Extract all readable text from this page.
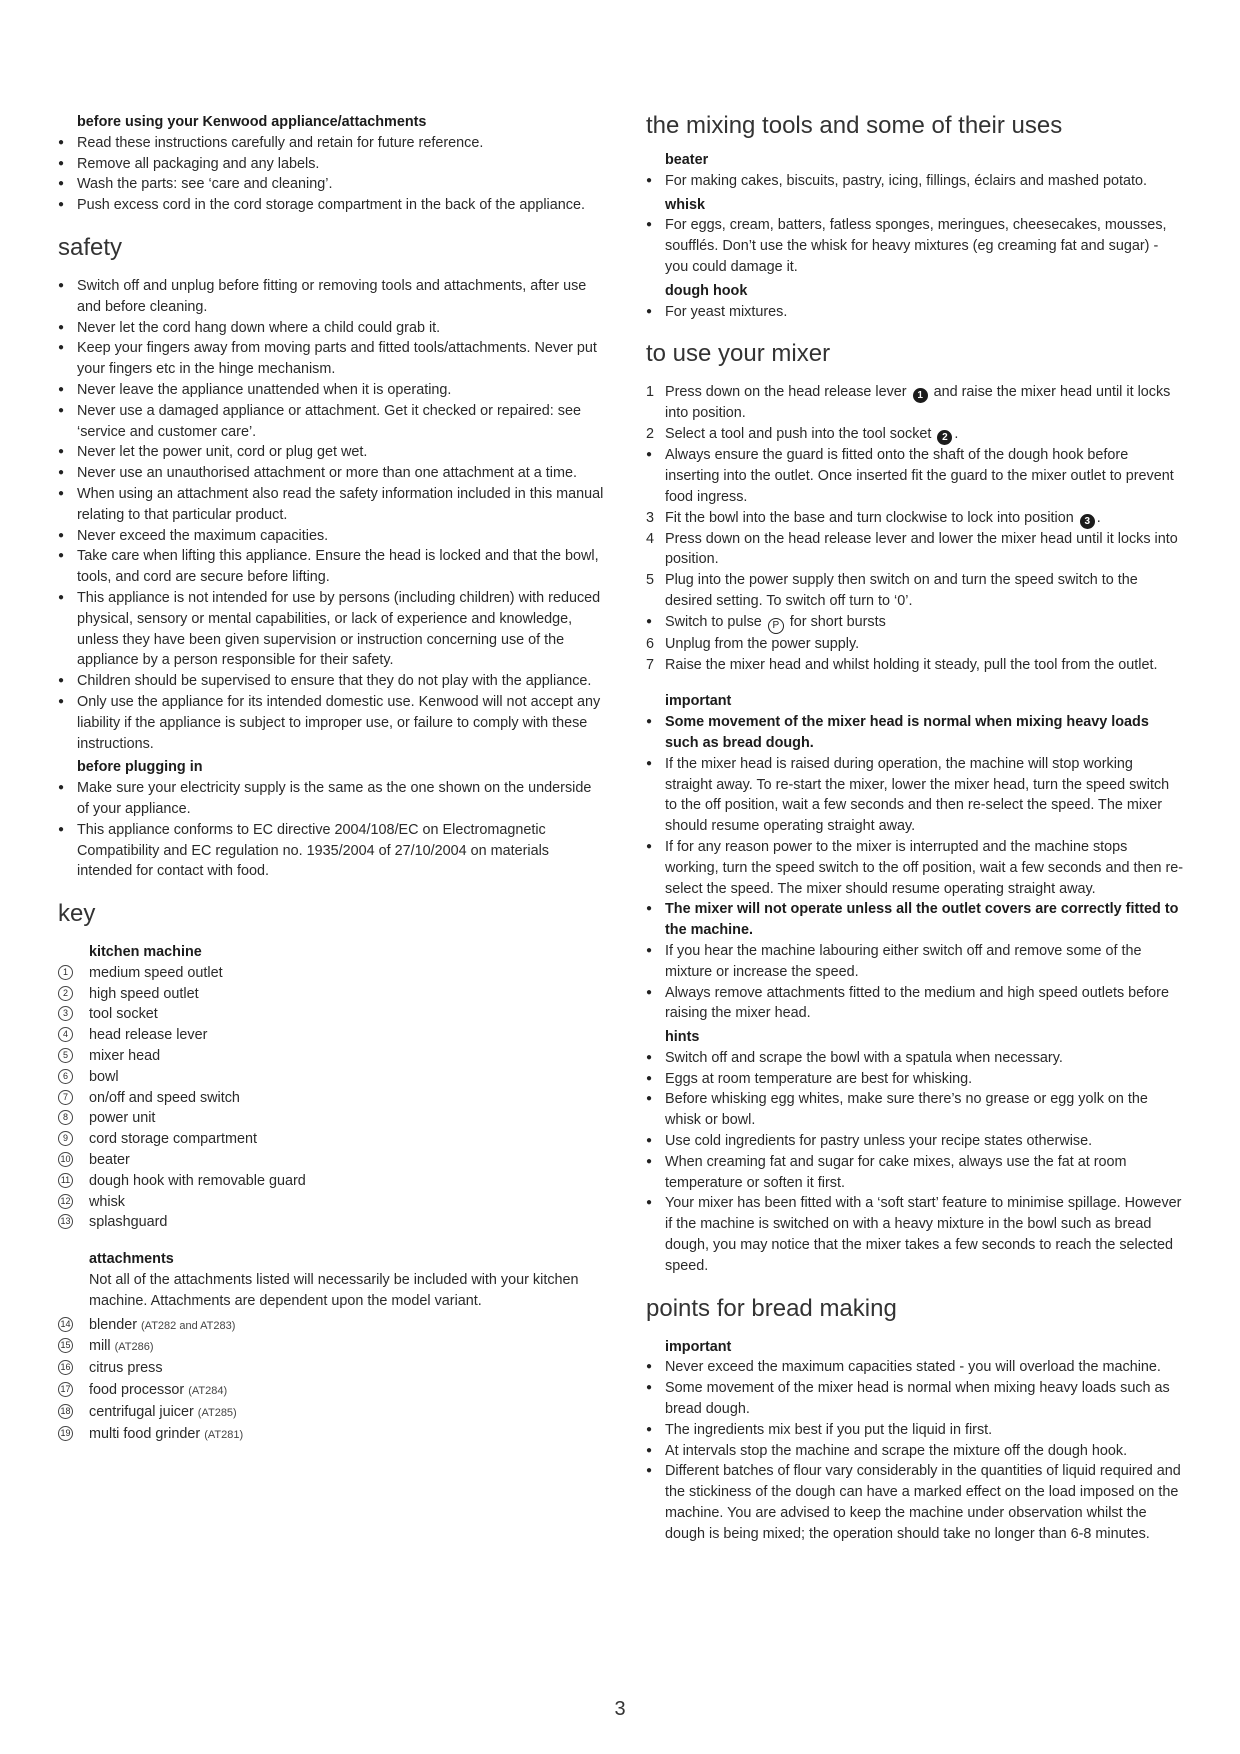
before using your Kenwood appliance/attachments
● Read these instructions carefully and retain for future reference.
● Remove all packaging and any labels.
● Wash the parts: see ‘care and cleaning’.
● Push excess cord in the cord storage compartment in the back of the appliance.
safety
● Switch off and unplug before fitting or removing tools and attachments, after use and before cleaning.
● Never let the cord hang down where a child could grab it.
● Keep your fingers away from moving parts and fitted tools/attachments. Never put your fingers etc in the hinge mechanism.
● Never leave the appliance unattended when it is operating.
● Never use a damaged appliance or attachment. Get it checked or repaired: see ‘service and customer care’.
● Never let the power unit, cord or plug get wet.
● Never use an unauthorised attachment or more than one attachment at a time.
● When using an attachment also read the safety information included in this manual relating to that particular product.
● Never exceed the maximum capacities.
● Take care when lifting this appliance. Ensure the head is locked and that the bowl, tools, and cord are secure before lifting.
● This appliance is not intended for use by persons (including children) with reduced physical, sensory or mental capabilities, or lack of experience and knowledge, unless they have been given supervision or instruction concerning use of the appliance by a person responsible for their safety.
● Children should be supervised to ensure that they do not play with the appliance.
● Only use the appliance for its intended domestic use. Kenwood will not accept any liability if the appliance is subject to improper use, or failure to comply with these instructions.
before plugging in
● Make sure your electricity supply is the same as the one shown on the underside of your appliance.
● This appliance conforms to EC directive 2004/108/EC on Electromagnetic Compatibility and EC regulation no. 1935/2004 of 27/10/2004 on materials intended for contact with food.
key
kitchen machine
1	medium speed outlet
2	high speed outlet
3	tool socket
4	head release lever
5	mixer head
6	bowl
7	on/off and speed switch
8	power unit
9	cord storage compartment
10 beater
11 dough hook with removable guard
12 whisk
13 splashguard
attachments
Not all of the attachments listed will necessarily be included with your kitchen machine. Attachments are dependent upon the model variant.
14 blender (AT282 and AT283)
15 mill (AT286)
16 citrus press
17 food processor (AT284)
18 centrifugal juicer (AT285)
19 multi food grinder (AT281)
the mixing tools and some of their uses
beater
● For making cakes, biscuits, pastry, icing, fillings, éclairs and mashed potato.
whisk
● For eggs, cream, batters, fatless sponges, meringues, cheesecakes, mousses, soufflés. Don’t use the whisk for heavy mixtures (eg creaming fat and sugar) - you could damage it.
dough hook
● For yeast mixtures.
to use your mixer
1 Press down on the head release lever 1 and raise the mixer head until it locks into position.
2 Select a tool and push into the tool socket 2 .
● Always ensure the guard is fitted onto the shaft of the dough hook before inserting into the outlet. Once inserted fit the guard to the mixer outlet to prevent food ingress.
3 Fit the bowl into the base and turn clockwise to lock into position 3 .
4 Press down on the head release lever and lower the mixer head until it locks into position.
5 Plug into the power supply then switch on and turn the speed switch to the desired setting. To switch off turn to ‘0’.
● Switch to pulse P for short bursts
6 Unplug from the power supply.
7 Raise the mixer head and whilst holding it steady, pull the tool from the outlet.
important
● Some movement of the mixer head is normal when mixing heavy loads such as bread dough.
● If the mixer head is raised during operation, the machine will stop working straight away. To re-start the mixer, lower the mixer head, turn the speed switch to the off position, wait a few seconds and then re-select the speed. The mixer should resume operating straight away.
● If for any reason power to the mixer is interrupted and the machine stops working, turn the speed switch to the off position, wait a few seconds and then re-select the speed. The mixer should resume operating straight away.
● The mixer will not operate unless all the outlet covers are correctly fitted to the machine.
● If you hear the machine labouring either switch off and remove some of the mixture or increase the speed.
● Always remove attachments fitted to the medium and high speed outlets before raising the mixer head.
hints
● Switch off and scrape the bowl with a spatula when necessary.
● Eggs at room temperature are best for whisking.
● Before whisking egg whites, make sure there’s no grease or egg yolk on the whisk or bowl.
● Use cold ingredients for pastry unless your recipe states otherwise.
● When creaming fat and sugar for cake mixes, always use the fat at room temperature or soften it first.
● Your mixer has been fitted with a ‘soft start’ feature to minimise spillage. However if the machine is switched on with a heavy mixture in the bowl such as bread dough, you may notice that the mixer takes a few seconds to reach the selected speed.
points for bread making
important
● Never exceed the maximum capacities stated - you will overload the machine.
● Some movement of the mixer head is normal when mixing heavy loads such as bread dough.
● The ingredients mix best if you put the liquid in first.
● At intervals stop the machine and scrape the mixture off the dough hook.
● Different batches of flour vary considerably in the quantities of liquid required and the stickiness of the dough can have a marked effect on the load imposed on the machine. You are advised to keep the machine under observation whilst the dough is being mixed; the operation should take no longer than 6-8 minutes.
3
